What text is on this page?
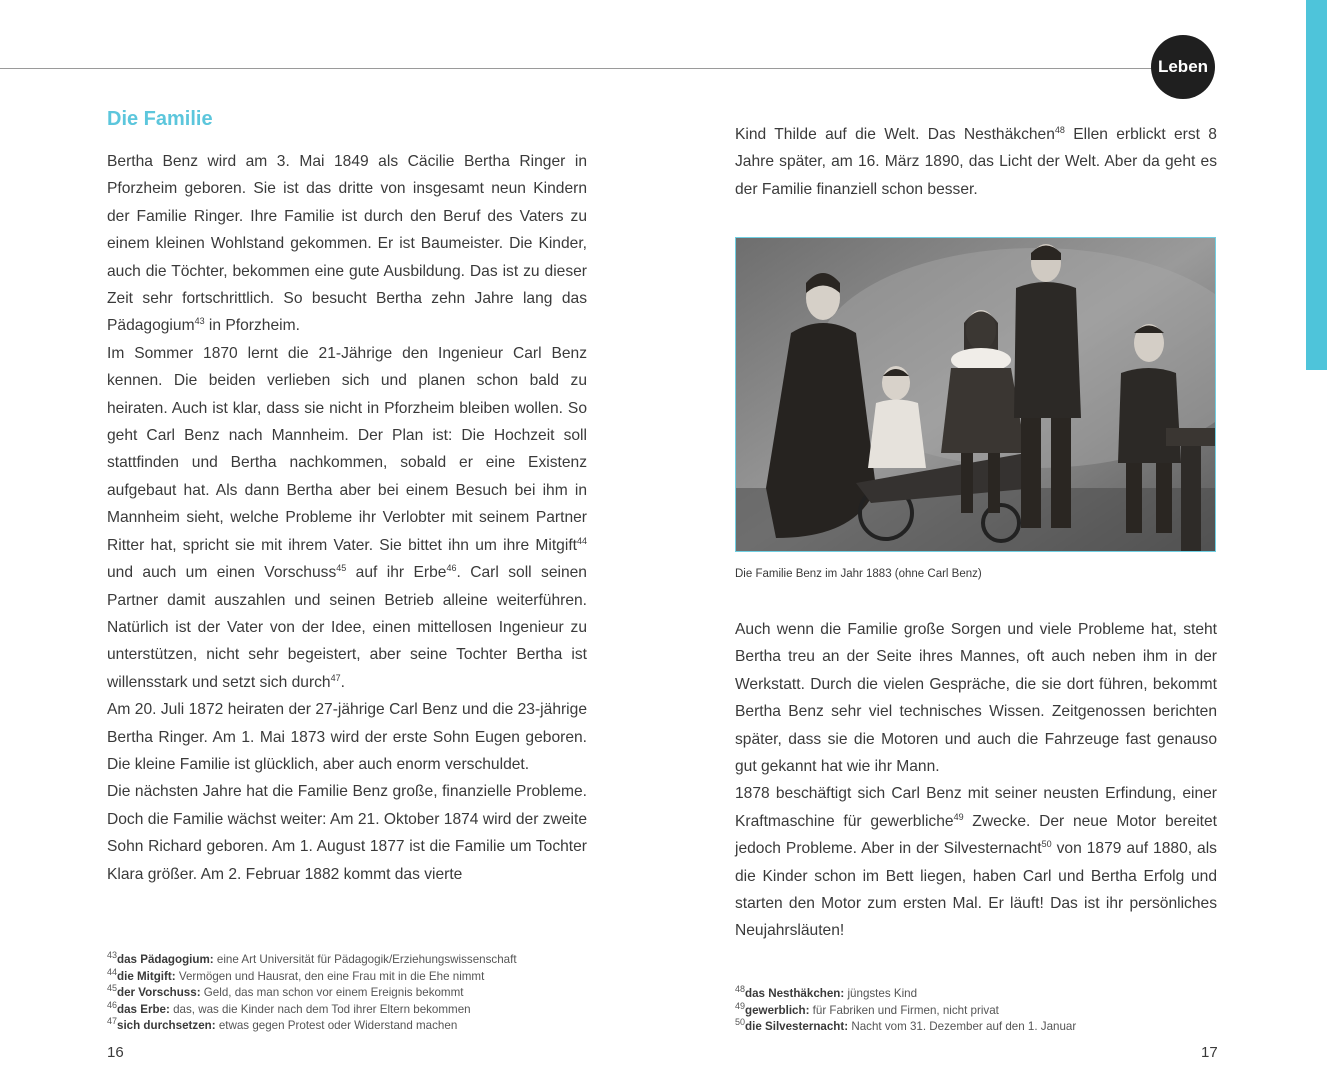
Leben
Die Familie

Bertha Benz wird am 3. Mai 1849 als Cäcilie Bertha Ringer in Pforzheim geboren. Sie ist das dritte von insgesamt neun Kindern der Familie Ringer. Ihre Familie ist durch den Beruf des Vaters zu einem kleinen Wohlstand gekommen. Er ist Baumeister. Die Kinder, auch die Töchter, bekommen eine gute Ausbildung. Das ist zu dieser Zeit sehr fortschrittlich. So besucht Bertha zehn Jahre lang das Pädagogium$^{43}$ in Pforzheim.

Im Sommer 1870 lernt die 21-Jährige den Ingenieur Carl Benz kennen. Die beiden verlieben sich und planen schon bald zu heiraten. Auch ist klar, dass sie nicht in Pforzheim bleiben wollen. So geht Carl Benz nach Mannheim. Der Plan ist: Die Hochzeit soll stattfinden und Bertha nachkommen, sobald er eine Existenz aufgebaut hat. Als dann Bertha aber bei einem Besuch bei ihm in Mannheim sieht, welche Probleme ihr Verlobter mit seinem Partner Ritter hat, spricht sie mit ihrem Vater. Sie bittet ihn um ihre Mitgift$^{44}$ und auch um einen Vorschuss$^{45}$ auf ihr Erbe$^{46}$. Carl soll seinen Partner damit auszahlen und seinen Betrieb alleine weiterführen. Natürlich ist der Vater von der Idee, einen mittellosen Ingenieur zu unterstützen, nicht sehr begeistert, aber seine Tochter Bertha ist willensstark und setzt sich durch$^{47}$.

Am 20. Juli 1872 heiraten der 27-jährige Carl Benz und die 23-jährige Bertha Ringer. Am 1. Mai 1873 wird der erste Sohn Eugen geboren. Die kleine Familie ist glücklich, aber auch enorm verschuldet.

Die nächsten Jahre hat die Familie Benz große, finanzielle Probleme. Doch die Familie wächst weiter: Am 21. Oktober 1874 wird der zweite Sohn Richard geboren. Am 1. August 1877 ist die Familie um Tochter Klara größer. Am 2. Februar 1882 kommt das vierte

$^{43}$das Pädagogium: eine Art Universität für Pädagogik/Erziehungswissenschaft
$^{44}$die Mitgift: Vermögen und Hausrat, den eine Frau mit in die Ehe nimmt
$^{45}$der Vorschuss: Geld, das man schon vor einem Ereignis bekommt
$^{46}$das Erbe: das, was die Kinder nach dem Tod ihrer Eltern bekommen
$^{47}$sich durchsetzen: etwas gegen Protest oder Widerstand machen

16

Kind Thilde auf die Welt. Das Nesthäkchen$^{48}$ Ellen erblickt erst 8 Jahre später, am 16. März 1890, das Licht der Welt. Aber da geht es der Familie finanziell schon besser.

Die Familie Benz im Jahr 1883 (ohne Carl Benz)

Auch wenn die Familie große Sorgen und viele Probleme hat, steht Bertha treu an der Seite ihres Mannes, oft auch neben ihm in der Werkstatt. Durch die vielen Gespräche, die sie dort führen, bekommt Bertha Benz sehr viel technisches Wissen. Zeitgenossen berichten später, dass sie die Motoren und auch die Fahrzeuge fast genauso gut gekannt hat wie ihr Mann.

1878 beschäftigt sich Carl Benz mit seiner neusten Erfindung, einer Kraftmaschine für gewerbliche$^{49}$ Zwecke. Der neue Motor bereitet jedoch Probleme. Aber in der Silvesternacht$^{50}$ von 1879 auf 1880, als die Kinder schon im Bett liegen, haben Carl und Bertha Erfolg und starten den Motor zum ersten Mal. Er läuft! Das ist ihr persönliches Neujahrsläuten!

$^{48}$das Nesthäkchen: jüngstes Kind
$^{49}$gewerblich: für Fabriken und Firmen, nicht privat
$^{50}$die Silvesternacht: Nacht vom 31. Dezember auf den 1. Januar

17
